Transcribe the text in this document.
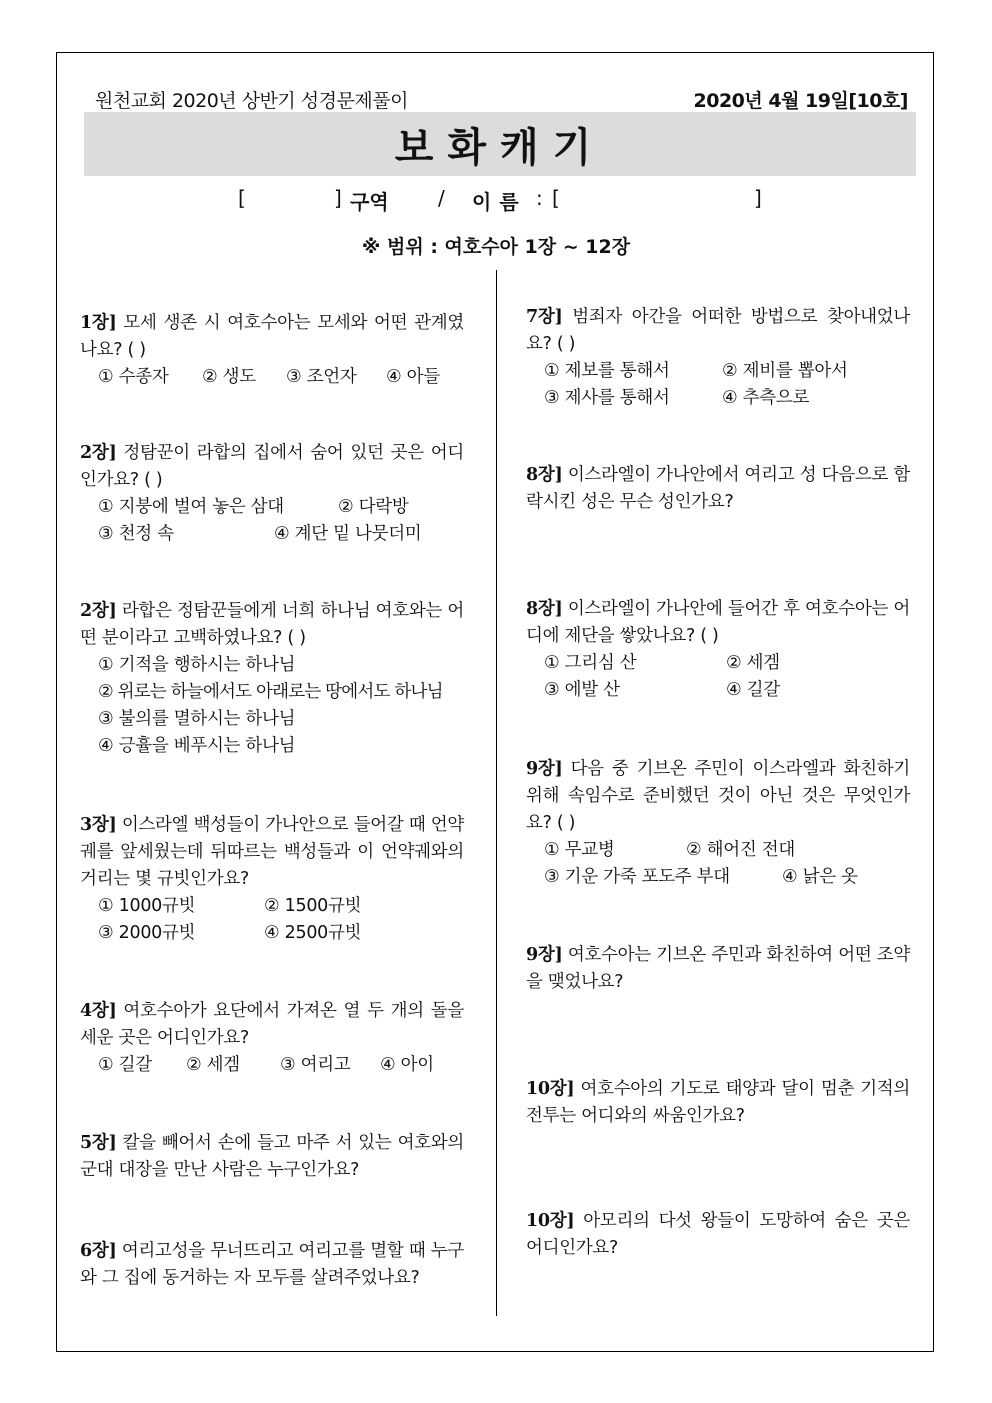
원천교회 2020년 상반기 성경문제풀이	2020년 4월 19일[10호]
보화캐기
[	] 구역 / 이름 : [	]
※ 범위 : 여호수아 1장 ~ 12장
1장] 모세 생존 시 여호수아는 모세와 어떤 관계였나요? ( )
① 수종자	② 생도	③ 조언자	④ 아들
2장] 정탐꾼이 라합의 집에서 숨어 있던 곳은 어디인가요? ( )
① 지붕에 벌여 놓은 삼대	② 다락방
③ 천정 속	④ 계단 밑 나뭇더미
2장] 라합은 정탐꾼들에게 너희 하나님 여호와는 어떤 분이라고 고백하였나요? ( )
① 기적을 행하시는 하나님
② 위로는 하늘에서도 아래로는 땅에서도 하나님
③ 불의를 멸하시는 하나님
④ 긍휼을 베푸시는 하나님
3장] 이스라엘 백성들이 가나안으로 들어갈 때 언약궤를 앞세웠는데 뒤따르는 백성들과 이 언약궤와의 거리는 몇 규빗인가요?
① 1000규빗	② 1500규빗
③ 2000규빗	④ 2500규빗
4장] 여호수아가 요단에서 가져온 열 두 개의 돌을 세운 곳은 어디인가요?
① 길갈	② 세겜	③ 여리고	④ 아이
5장] 칼을 빼어서 손에 들고 마주 서 있는 여호와의 군대 대장을 만난 사람은 누구인가요?
6장] 여리고성을 무너뜨리고 여리고를 멸할 때 누구와 그 집에 동거하는 자 모두를 살려주었나요?
7장] 범죄자 아간을 어떠한 방법으로 찾아내었나요? ( )
① 제보를 통해서	② 제비를 뽑아서
③ 제사를 통해서	④ 추측으로
8장] 이스라엘이 가나안에서 여리고 성 다음으로 함락시킨 성은 무슨 성인가요?
8장] 이스라엘이 가나안에 들어간 후 여호수아는 어디에 제단을 쌓았나요? ( )
① 그리심 산	② 세겜
③ 에발 산	④ 길갈
9장] 다음 중 기브온 주민이 이스라엘과 화친하기 위해 속임수로 준비했던 것이 아닌 것은 무엇인가요? ( )
① 무교병	② 해어진 전대
③ 기운 가죽 포도주 부대	④ 낡은 옷
9장] 여호수아는 기브온 주민과 화친하여 어떤 조약을 맺었나요?
10장] 여호수아의 기도로 태양과 달이 멈춘 기적의 전투는 어디와의 싸움인가요?
10장] 아모리의 다섯 왕들이 도망하여 숨은 곳은 어디인가요?
